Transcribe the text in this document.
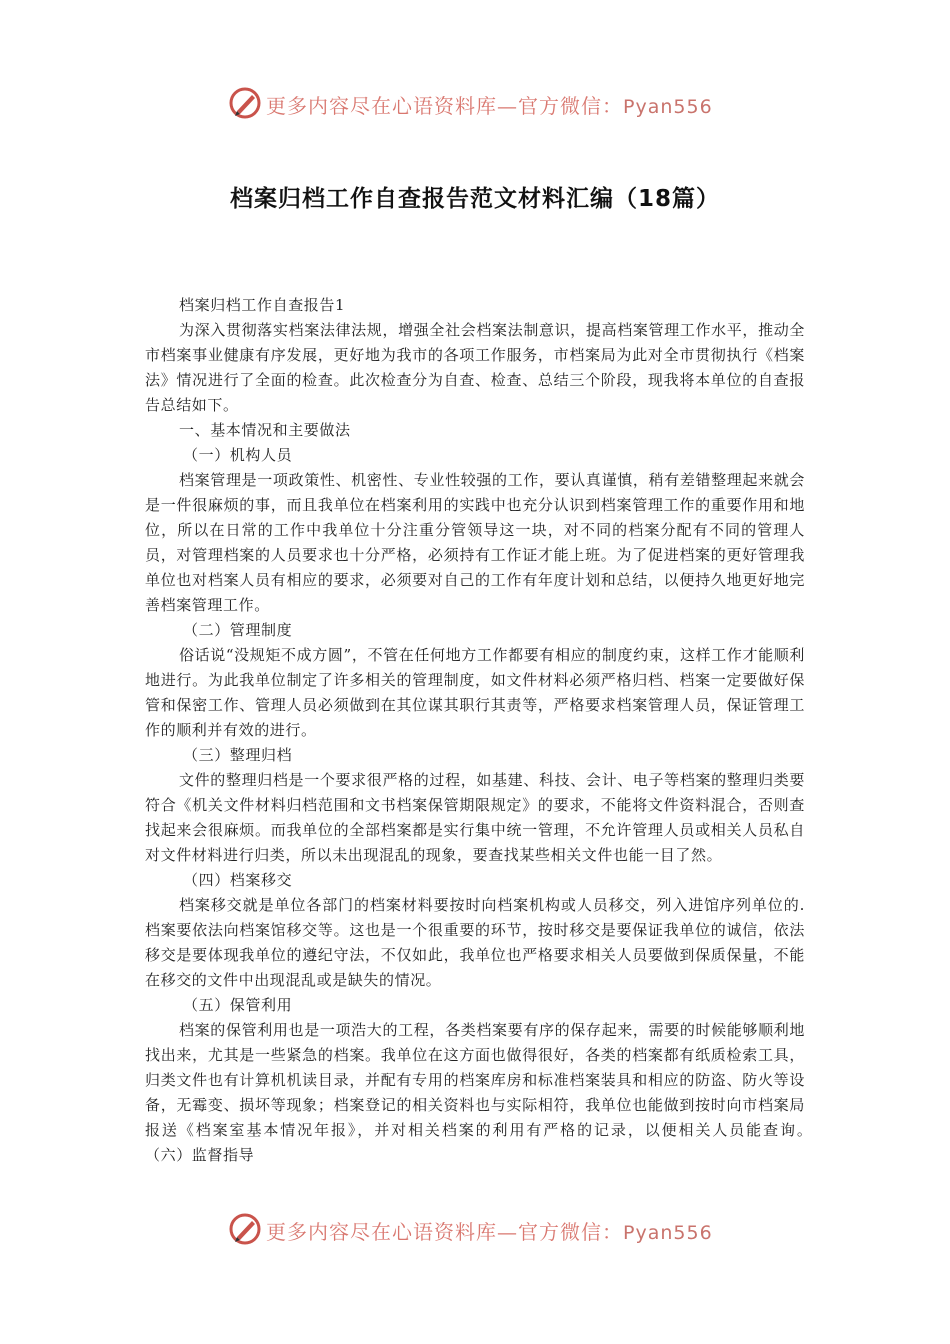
更多内容尽在心语资料库—官方微信：Pyan556
档案归档工作自查报告范文材料汇编（18篇）

档案归档工作自查报告1

为深入贯彻落实档案法律法规，增强全社会档案法制意识，提高档案管理工作水平，推动全市档案事业健康有序发展，更好地为我市的各项工作服务，市档案局为此对全市贯彻执行《档案法》情况进行了全面的检查。此次检查分为自查、检查、总结三个阶段，现我将本单位的自查报告总结如下。

一、基本情况和主要做法

（一）机构人员

档案管理是一项政策性、机密性、专业性较强的工作，要认真谨慎，稍有差错整理起来就会是一件很麻烦的事，而且我单位在档案利用的实践中也充分认识到档案管理工作的重要作用和地位，所以在日常的工作中我单位十分注重分管领导这一块，对不同的档案分配有不同的管理人员，对管理档案的人员要求也十分严格，必须持有工作证才能上班。为了促进档案的更好管理我单位也对档案人员有相应的要求，必须要对自己的工作有年度计划和总结，以便持久地更好地完善档案管理工作。

（二）管理制度

俗话说“没规矩不成方圆”，不管在任何地方工作都要有相应的制度约束，这样工作才能顺利地进行。为此我单位制定了许多相关的管理制度，如文件材料必须严格归档、档案一定要做好保管和保密工作、管理人员必须做到在其位谋其职行其责等，严格要求档案管理人员，保证管理工作的顺利并有效的进行。

（三）整理归档

文件的整理归档是一个要求很严格的过程，如基建、科技、会计、电子等档案的整理归类要符合《机关文件材料归档范围和文书档案保管期限规定》的要求，不能将文件资料混合，否则查找起来会很麻烦。而我单位的全部档案都是实行集中统一管理，不允许管理人员或相关人员私自对文件材料进行归类，所以未出现混乱的现象，要查找某些相关文件也能一目了然。

（四）档案移交

档案移交就是单位各部门的档案材料要按时向档案机构或人员移交，列入进馆序列单位的.档案要依法向档案馆移交等。这也是一个很重要的环节，按时移交是要保证我单位的诚信，依法移交是要体现我单位的遵纪守法，不仅如此，我单位也严格要求相关人员要做到保质保量，不能在移交的文件中出现混乱或是缺失的情况。

（五）保管利用

档案的保管利用也是一项浩大的工程，各类档案要有序的保存起来，需要的时候能够顺利地找出来，尤其是一些紧急的档案。我单位在这方面也做得很好，各类的档案都有纸质检索工具，归类文件也有计算机机读目录，并配有专用的档案库房和标准档案装具和相应的防盗、防火等设备，无霉变、损坏等现象；档案登记的相关资料也与实际相符，我单位也能做到按时向市档案局报送《档案室基本情况年报》，并对相关档案的利用有严格的记录，以便相关人员能查询。　　（六）监督指导

更多内容尽在心语资料库—官方微信：Pyan556
